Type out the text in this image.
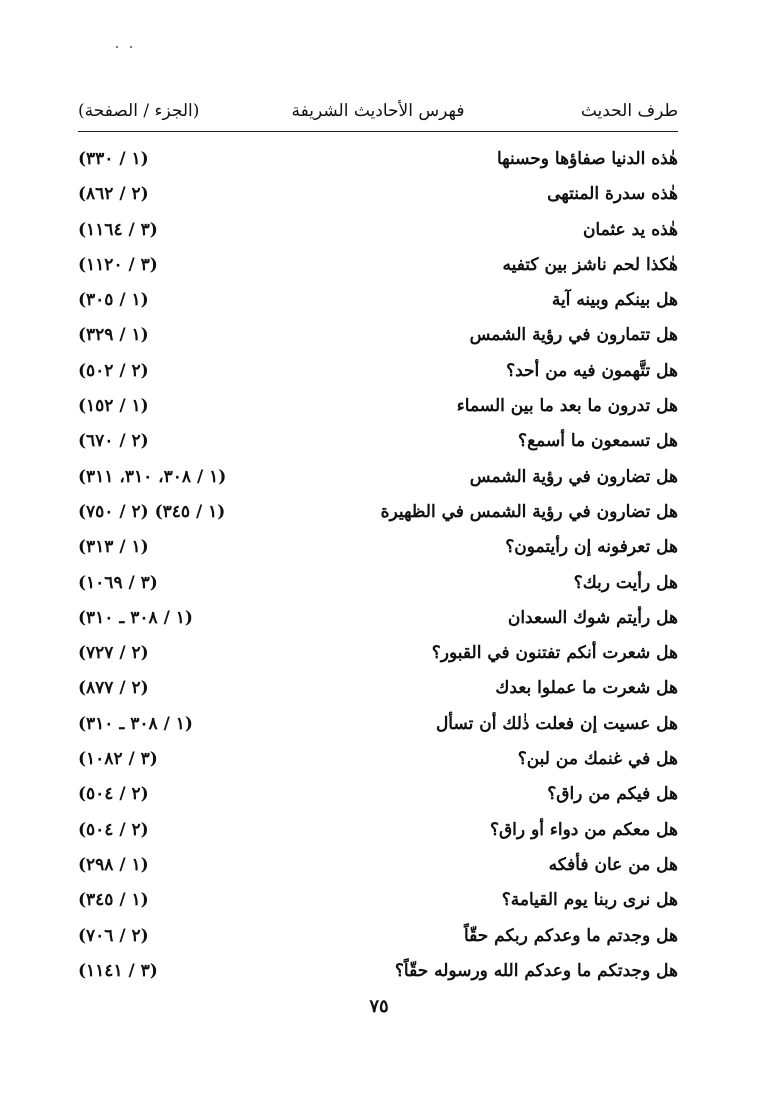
طرف الحديث
فهرس الأحاديث الشريفة
(الجزء / الصفحة)
هٰذه الدنيا صفاؤها وحسنها
(١ / ٣٣٠)
هٰذه سدرة المنتهى
(٢ / ٨٦٢)
هٰذه يد عثمان
(٣ / ١١٦٤)
هٰكذا لحم ناشز بين كتفيه
(٣ / ١١٢٠)
هل بينكم وبينه آية
(١ / ٣٠٥)
هل تتمارون في رؤية الشمس
(١ / ٣٢٩)
هل تتَّهمون فيه من أحد؟
(٢ / ٥٠٢)
هل تدرون ما بعد ما بين السماء
(١ / ١٥٢)
هل تسمعون ما أسمع؟
(٢ / ٦٧٠)
هل تضارون في رؤية الشمس
(١ / ٣٠٨، ٣١٠، ٣١١)
هل تضارون في رؤية الشمس في الظهيرة
(١ / ٣٤٥) (٢ / ٧٥٠)
هل تعرفونه إن رأيتمون؟
(١ / ٣١٣)
هل رأيت ربك؟
(٣ / ١٠٦٩)
هل رأيتم شوك السعدان
(١ / ٣٠٨ ـ ٣١٠)
هل شعرت أنكم تفتنون في القبور؟
(٢ / ٧٢٧)
هل شعرت ما عملوا بعدك
(٢ / ٨٧٧)
هل عسيت إن فعلت ذٰلك أن تسأل
(١ / ٣٠٨ ـ ٣١٠)
هل في غنمك من لبن؟
(٣ / ١٠٨٢)
هل فيكم من راق؟
(٢ / ٥٠٤)
هل معكم من دواء أو راق؟
(٢ / ٥٠٤)
هل من عان فأفكه
(١ / ٢٩٨)
هل نرى ربنا يوم القيامة؟
(١ / ٣٤٥)
هل وجدتم ما وعدكم ربكم حقّاً
(٢ / ٧٠٦)
هل وجدتكم ما وعدكم الله ورسوله حقّاً؟
(٣ / ١١٤١)
٧٥
